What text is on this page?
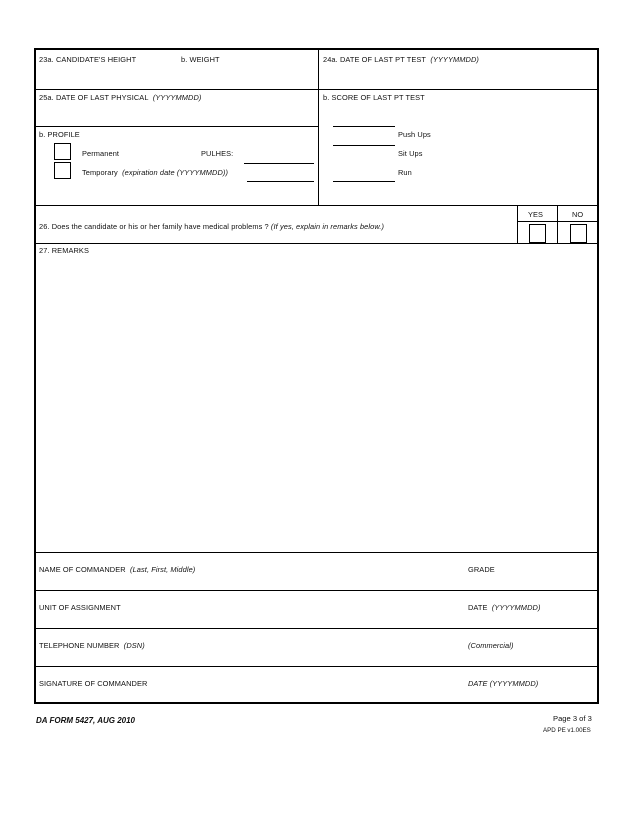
23a. CANDIDATE'S HEIGHT	b. WEIGHT	24a. DATE OF LAST PT TEST (YYYYMMDD)
25a. DATE OF LAST PHYSICAL (YYYYMMDD)	b. SCORE OF LAST PT TEST
b. PROFILE
Permanent	PULHES:
Temporary (expiration date (YYYYMMDD))
Push Ups
Sit Ups
Run
YES	NO
26. Does the candidate or his or her family have medical problems ? (If yes, explain in remarks below.)
27. REMARKS
NAME OF COMMANDER (Last, First, Middle)	GRADE
UNIT OF ASSIGNMENT	DATE (YYYYMMDD)
TELEPHONE NUMBER (DSN)	(Commercial)
SIGNATURE OF COMMANDER	DATE (YYYYMMDD)
DA FORM 5427, AUG 2010	Page 3 of 3
APD PE v1.00ES
